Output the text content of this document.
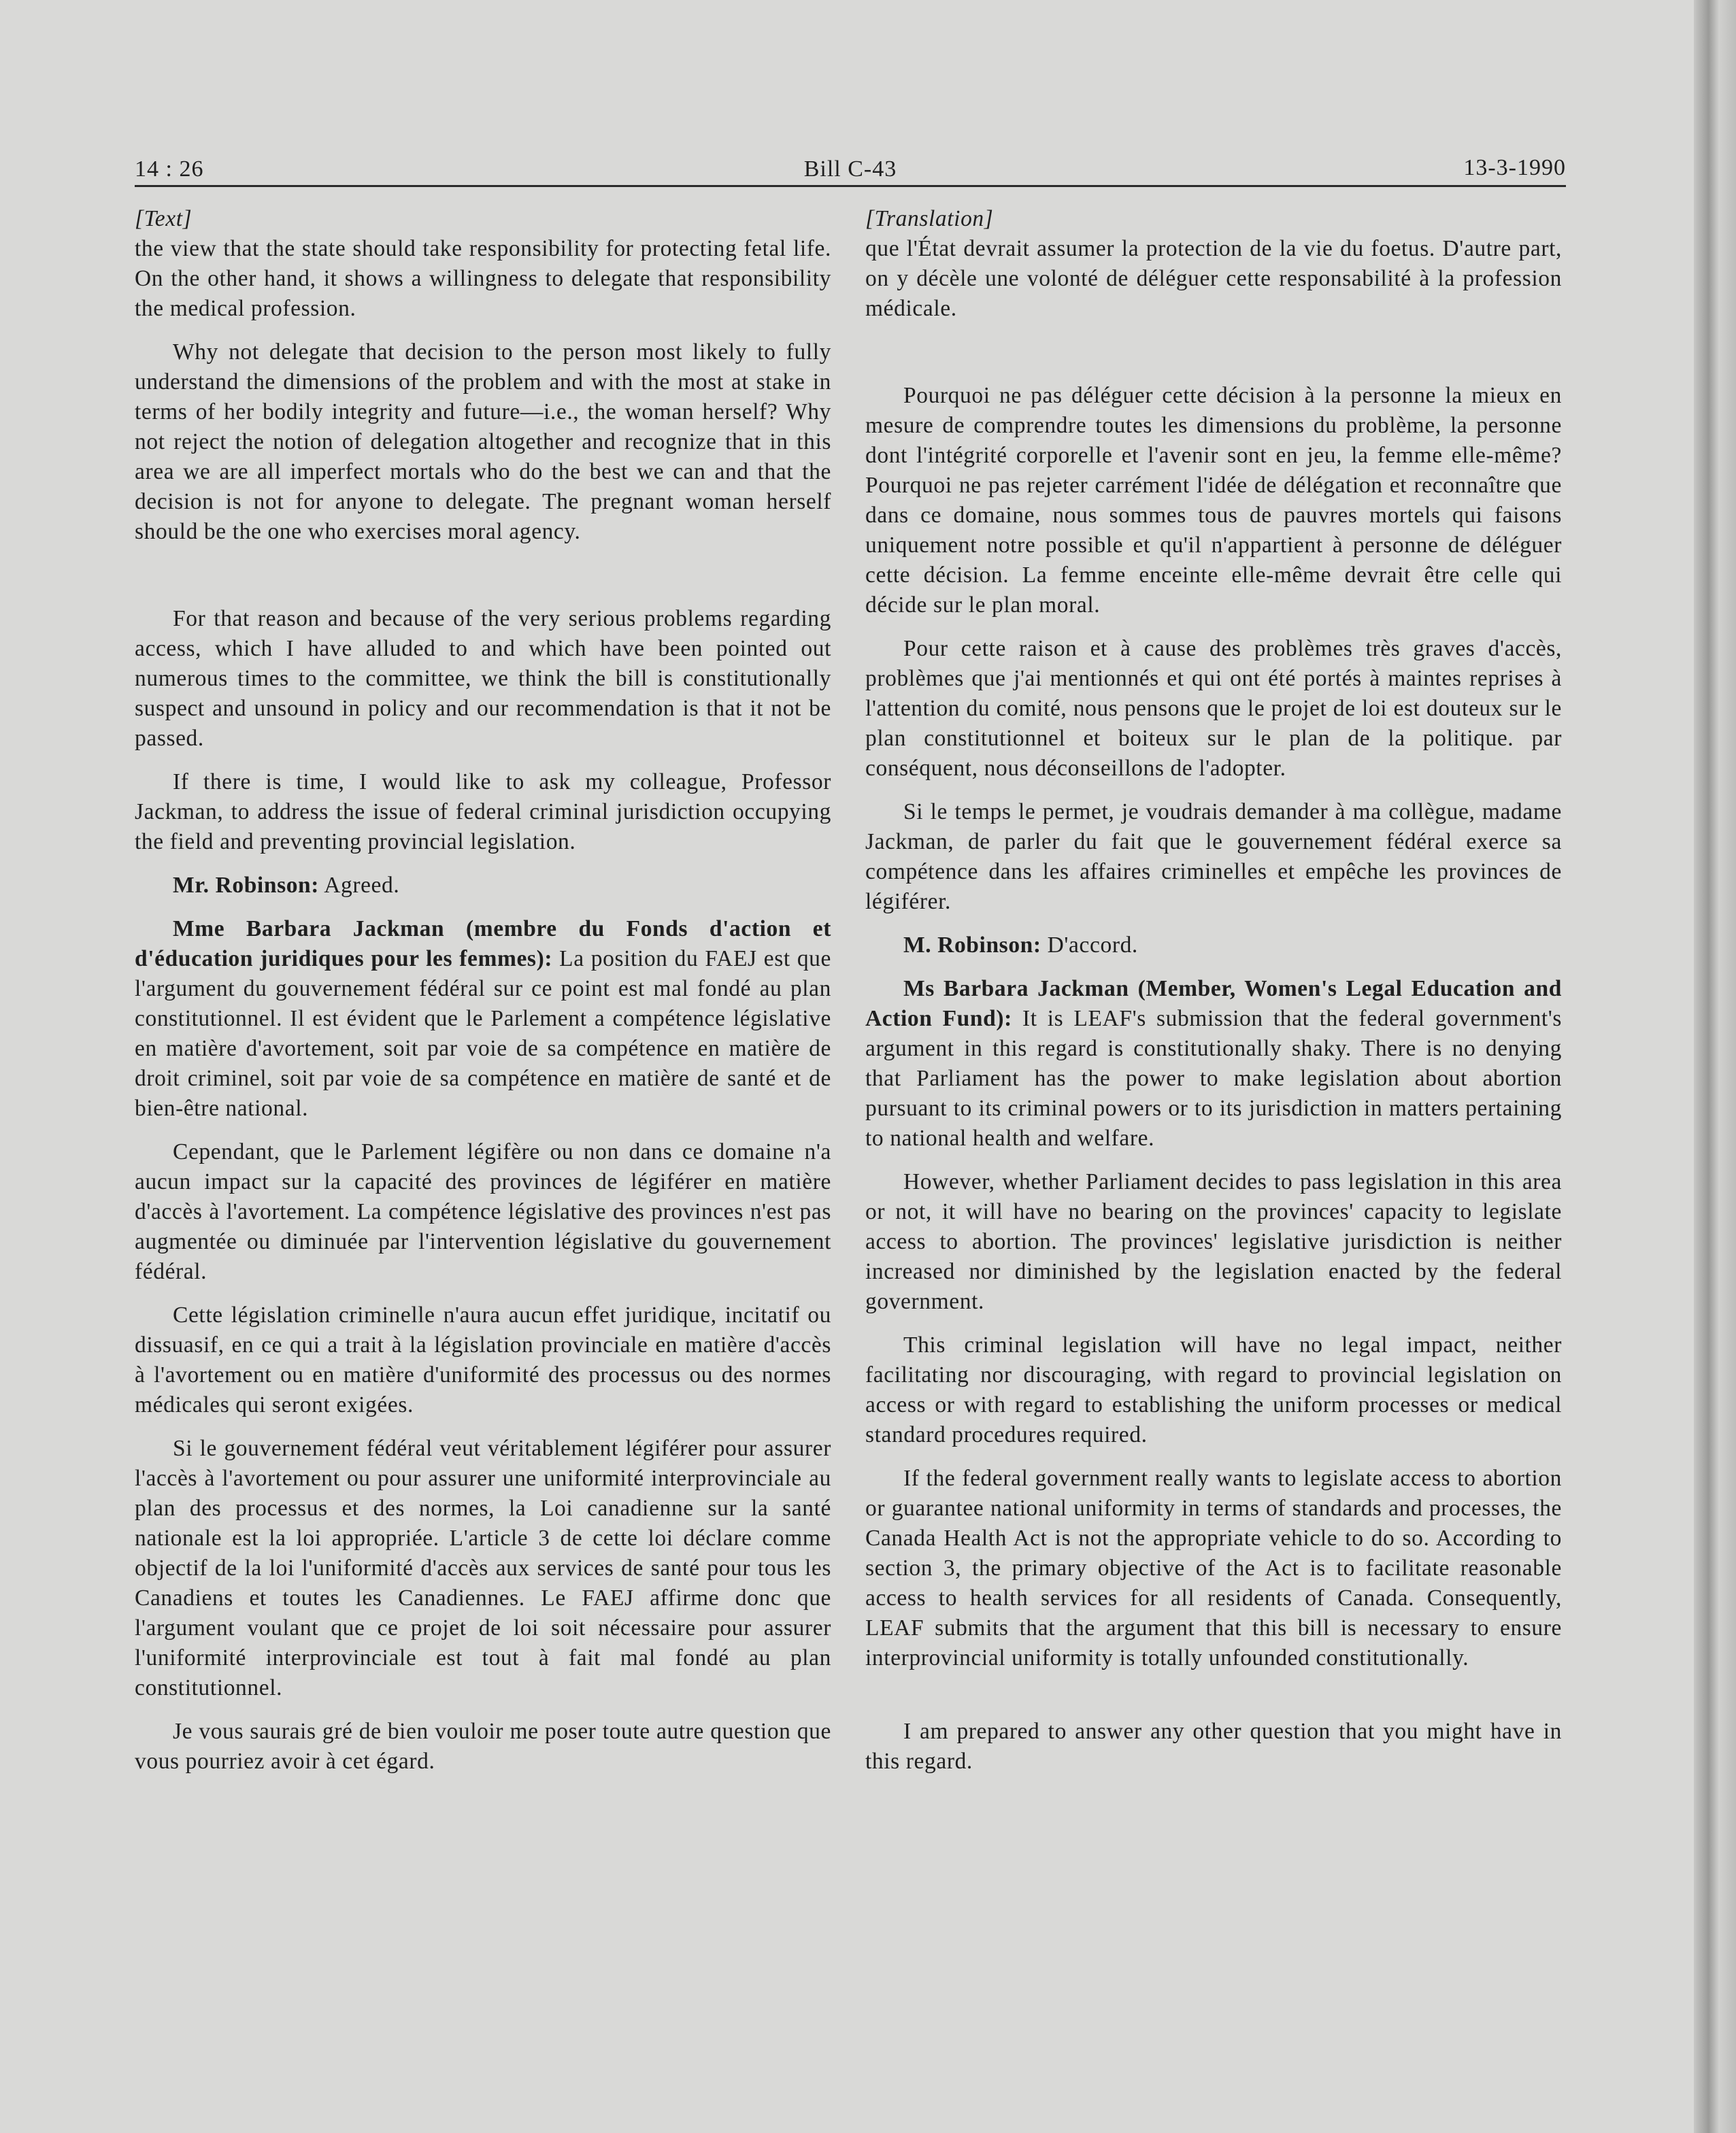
14 : 26	Bill C-43	13-3-1990

[Text]

the view that the state should take responsibility for protecting fetal life. On the other hand, it shows a willingness to delegate that responsibility the medical profession.

Why not delegate that decision to the person most likely to fully understand the dimensions of the problem and with the most at stake in terms of her bodily integrity and future—i.e., the woman herself? Why not reject the notion of delegation altogether and recognize that in this area we are all imperfect mortals who do the best we can and that the decision is not for anyone to delegate. The pregnant woman herself should be the one who exercises moral agency.

For that reason and because of the very serious problems regarding access, which I have alluded to and which have been pointed out numerous times to the committee, we think the bill is constitutionally suspect and unsound in policy and our recommendation is that it not be passed.

If there is time, I would like to ask my colleague, Professor Jackman, to address the issue of federal criminal jurisdiction occupying the field and preventing provincial legislation.

Mr. Robinson: Agreed.

Mme Barbara Jackman (membre du Fonds d'action et d'éducation juridiques pour les femmes): La position du FAEJ est que l'argument du gouvernement fédéral sur ce point est mal fondé au plan constitutionnel. Il est évident que le Parlement a compétence législative en matière d'avortement, soit par voie de sa compétence en matière de droit criminel, soit par voie de sa compétence en matière de santé et de bien-être national.

Cependant, que le Parlement légifère ou non dans ce domaine n'a aucun impact sur la capacité des provinces de légiférer en matière d'accès à l'avortement. La compétence législative des provinces n'est pas augmentée ou diminuée par l'intervention législative du gouvernement fédéral.

Cette législation criminelle n'aura aucun effet juridique, incitatif ou dissuasif, en ce qui a trait à la législation provinciale en matière d'accès à l'avortement ou en matière d'uniformité des processus ou des normes médicales qui seront exigées.

Si le gouvernement fédéral veut véritablement légiférer pour assurer l'accès à l'avortement ou pour assurer une uniformité interprovinciale au plan des processus et des normes, la Loi canadienne sur la santé nationale est la loi appropriée. L'article 3 de cette loi déclare comme objectif de la loi l'uniformité d'accès aux services de santé pour tous les Canadiens et toutes les Canadiennes. Le FAEJ affirme donc que l'argument voulant que ce projet de loi soit nécessaire pour assurer l'uniformité interprovinciale est tout à fait mal fondé au plan constitutionnel.

Je vous saurais gré de bien vouloir me poser toute autre question que vous pourriez avoir à cet égard.

[Translation]

que l'État devrait assumer la protection de la vie du foetus. D'autre part, on y décèle une volonté de déléguer cette responsabilité à la profession médicale.

Pourquoi ne pas déléguer cette décision à la personne la mieux en mesure de comprendre toutes les dimensions du problème, la personne dont l'intégrité corporelle et l'avenir sont en jeu, la femme elle-même? Pourquoi ne pas rejeter carrément l'idée de délégation et reconnaître que dans ce domaine, nous sommes tous de pauvres mortels qui faisons uniquement notre possible et qu'il n'appartient à personne de déléguer cette décision. La femme enceinte elle-même devrait être celle qui décide sur le plan moral.

Pour cette raison et à cause des problèmes très graves d'accès, problèmes que j'ai mentionnés et qui ont été portés à maintes reprises à l'attention du comité, nous pensons que le projet de loi est douteux sur le plan constitutionnel et boiteux sur le plan de la politique. par conséquent, nous déconseillons de l'adopter.

Si le temps le permet, je voudrais demander à ma collègue, madame Jackman, de parler du fait que le gouvernement fédéral exerce sa compétence dans les affaires criminelles et empêche les provinces de légiférer.

M. Robinson: D'accord.

Ms Barbara Jackman (Member, Women's Legal Education and Action Fund): It is LEAF's submission that the federal government's argument in this regard is constitutionally shaky. There is no denying that Parliament has the power to make legislation about abortion pursuant to its criminal powers or to its jurisdiction in matters pertaining to national health and welfare.

However, whether Parliament decides to pass legislation in this area or not, it will have no bearing on the provinces' capacity to legislate access to abortion. The provinces' legislative jurisdiction is neither increased nor diminished by the legislation enacted by the federal government.

This criminal legislation will have no legal impact, neither facilitating nor discouraging, with regard to provincial legislation on access or with regard to establishing the uniform processes or medical standard procedures required.

If the federal government really wants to legislate access to abortion or guarantee national uniformity in terms of standards and processes, the Canada Health Act is not the appropriate vehicle to do so. According to section 3, the primary objective of the Act is to facilitate reasonable access to health services for all residents of Canada. Consequently, LEAF submits that the argument that this bill is necessary to ensure interprovincial uniformity is totally unfounded constitutionally.

I am prepared to answer any other question that you might have in this regard.
